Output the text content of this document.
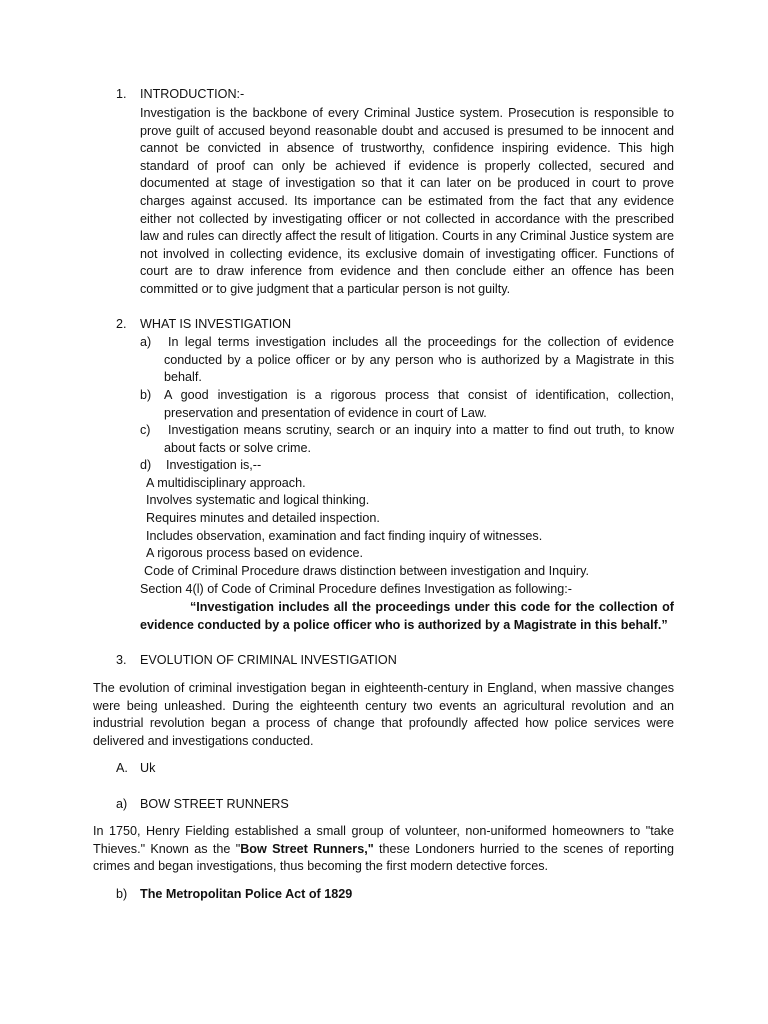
1. INTRODUCTION:-
Investigation is the backbone of every Criminal Justice system. Prosecution is responsible to prove guilt of accused beyond reasonable doubt and accused is presumed to be innocent and cannot be convicted in absence of trustworthy, confidence inspiring evidence. This high standard of proof can only be achieved if evidence is properly collected, secured and documented at stage of investigation so that it can later on be produced in court to prove charges against accused. Its importance can be estimated from the fact that any evidence either not collected by investigating officer or not collected in accordance with the prescribed law and rules can directly affect the result of litigation. Courts in any Criminal Justice system are not involved in collecting evidence, its exclusive domain of investigating officer. Functions of court are to draw inference from evidence and then conclude either an offence has been committed or to give judgment that a particular person is not guilty.
2. WHAT IS INVESTIGATION
a)	In legal terms investigation includes all the proceedings for the collection of evidence conducted by a police officer or by any person who is authorized by a Magistrate in this behalf.
b) A good investigation is a rigorous process that consist of identification, collection, preservation and presentation of evidence in court of Law.
c)	Investigation means scrutiny, search or an inquiry into a matter to find out truth, to know about facts or solve crime.
d) Investigation is,--
A multidisciplinary approach.
Involves systematic and logical thinking.
Requires minutes and detailed inspection.
Includes observation, examination and fact finding inquiry of witnesses.
A rigorous process based on evidence.
Code of Criminal Procedure draws distinction between investigation and Inquiry.
Section 4(l) of Code of Criminal Procedure defines Investigation as following:-
“Investigation includes all the proceedings under this code for the collection of evidence conducted by a police officer who is authorized by a Magistrate in this behalf.”
3. EVOLUTION OF CRIMINAL INVESTIGATION
The evolution of criminal investigation began in eighteenth-century in England, when massive changes were being unleashed. During the eighteenth century two events an agricultural revolution and an industrial revolution began a process of change that profoundly affected how police services were delivered and investigations conducted.
A. Uk
a) BOW STREET RUNNERS
In 1750, Henry Fielding established a small group of volunteer, non-uniformed homeowners to "take Thieves." Known as the "Bow Street Runners," these Londoners hurried to the scenes of reporting crimes and began investigations, thus becoming the first modern detective forces.
b) The Metropolitan Police Act of 1829
